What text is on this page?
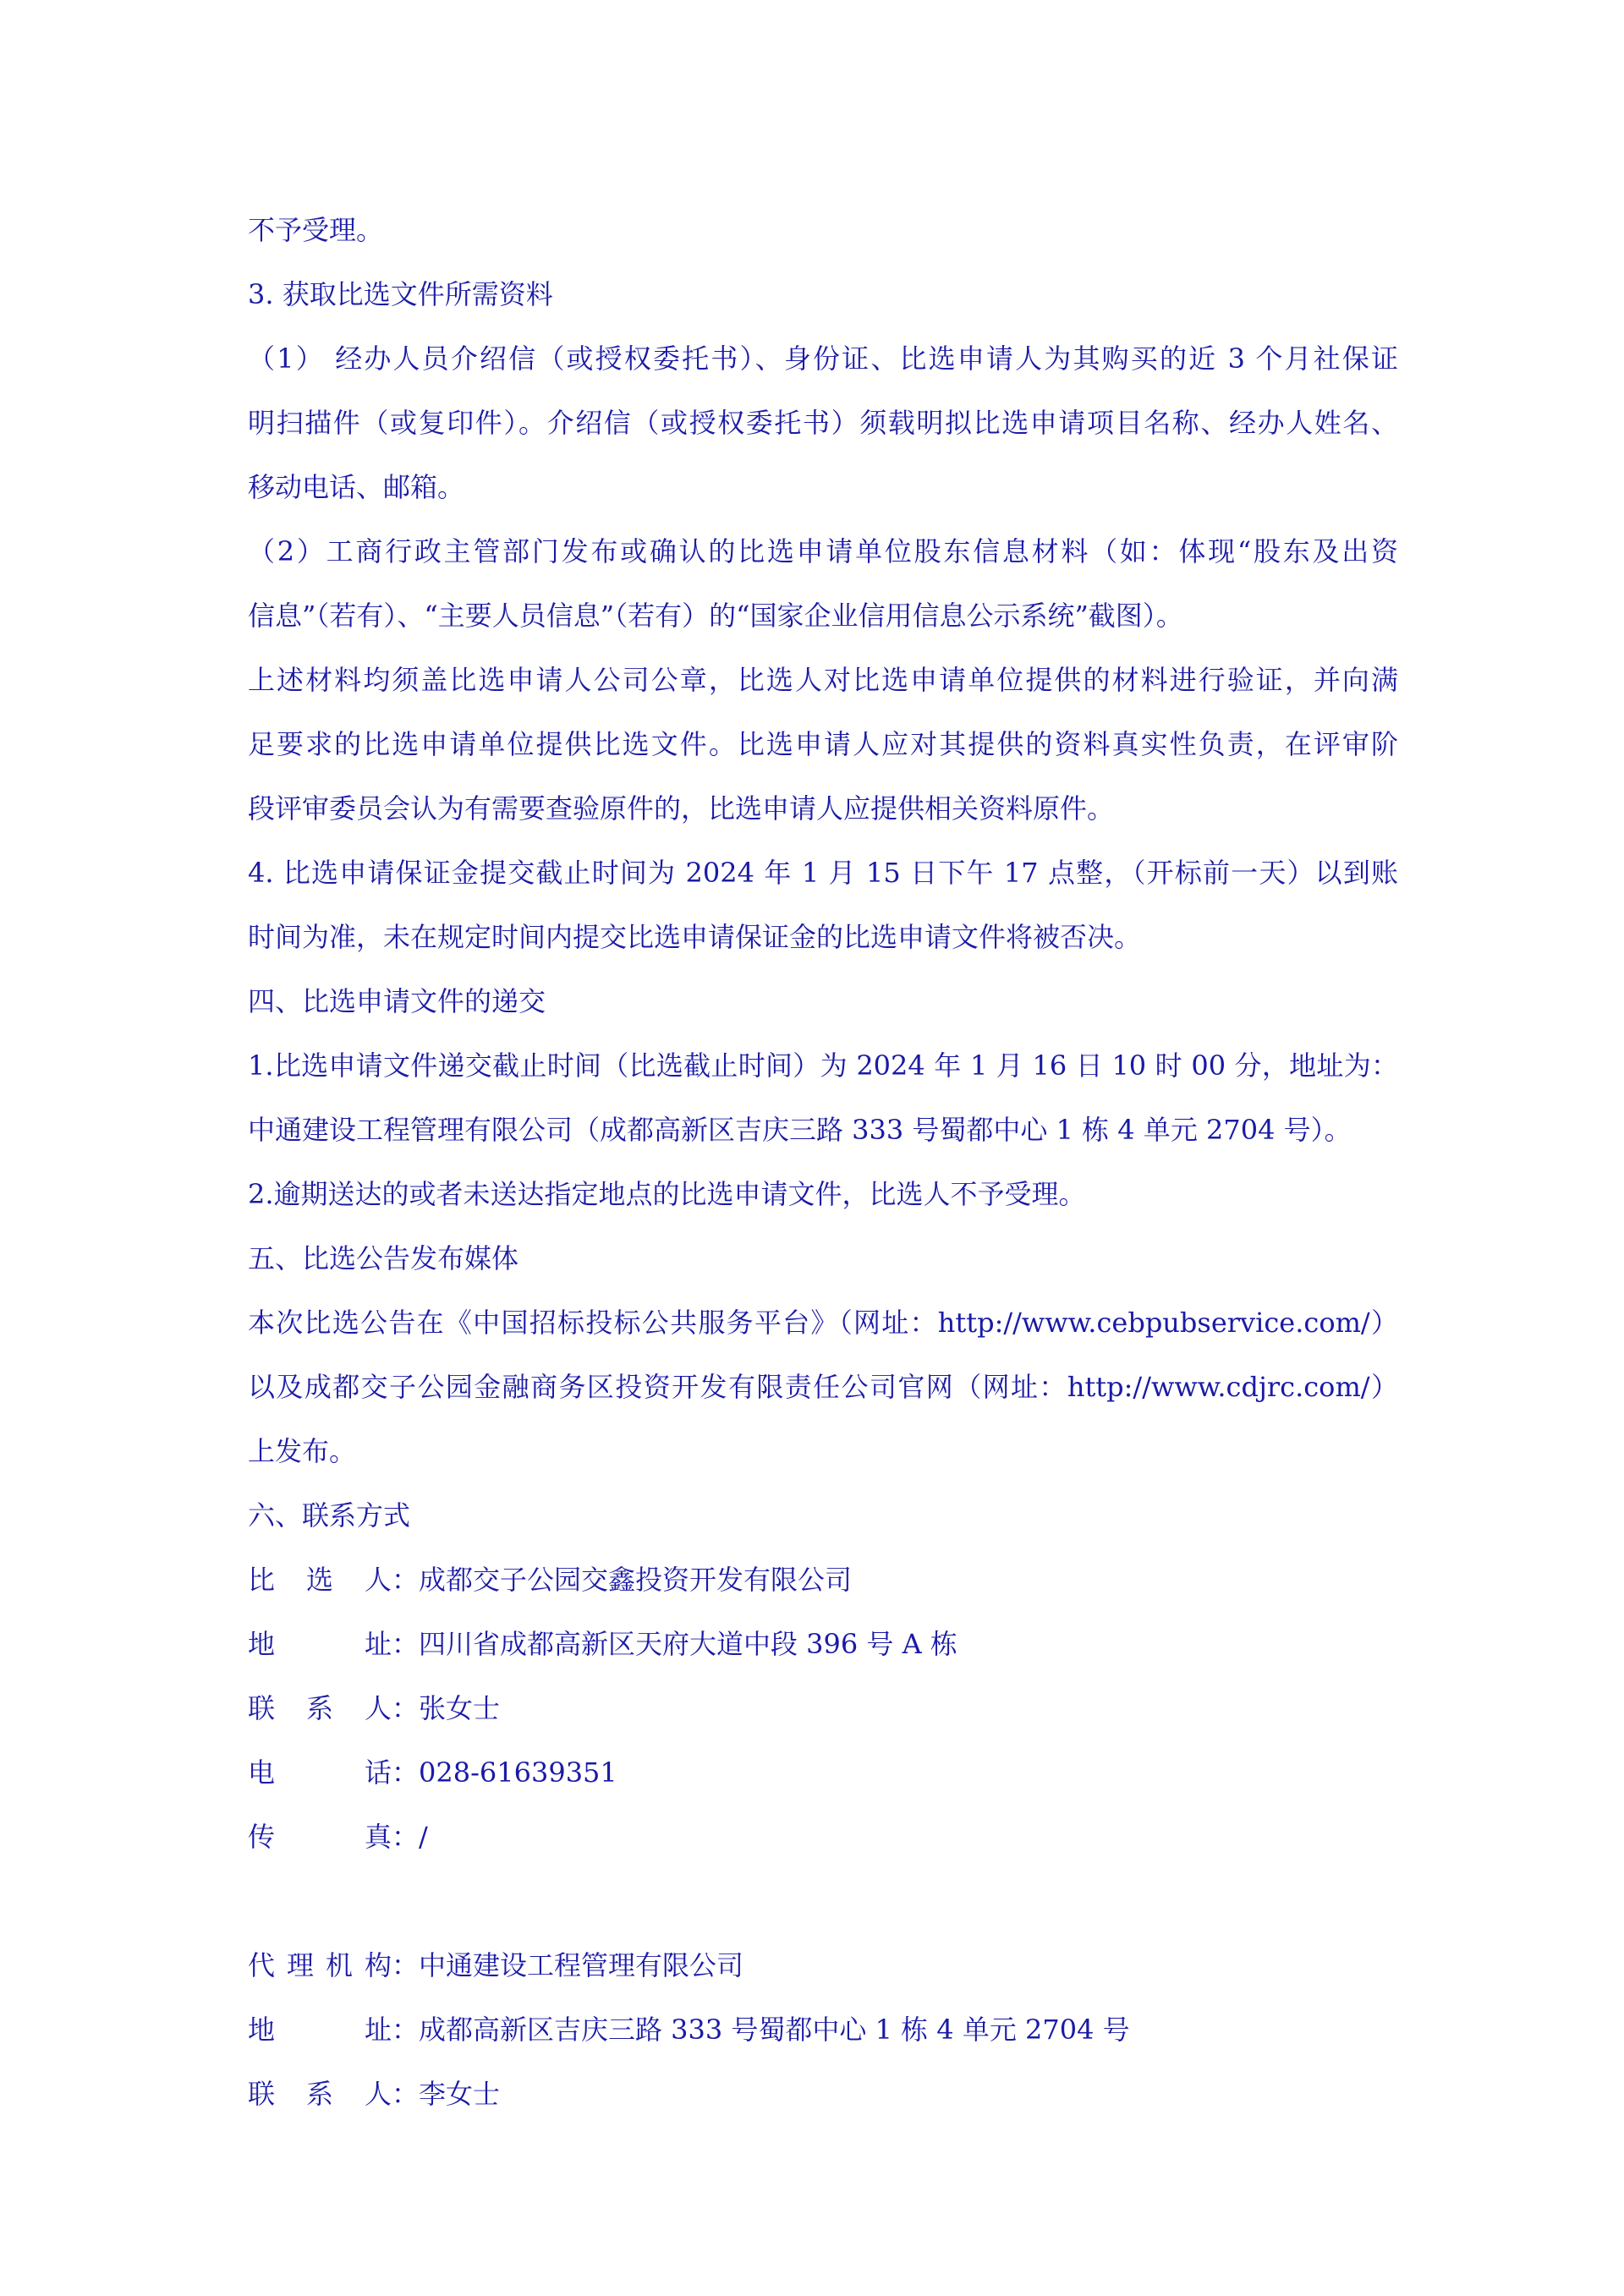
不予受理。
3. 获取比选文件所需资料
（1） 经办人员介绍信（或授权委托书）、身份证、比选申请人为其购买的近 3 个月社保证
明扫描件（或复印件）。介绍信（或授权委托书）须载明拟比选申请项目名称、经办人姓名、
移动电话、邮箱。
（2）工商行政主管部门发布或确认的比选申请单位股东信息材料（如：体现“股东及出资
信息”（若有）、“主要人员信息”（若有）的“国家企业信用信息公示系统”截图）。
上述材料均须盖比选申请人公司公章，比选人对比选申请单位提供的材料进行验证，并向满
足要求的比选申请单位提供比选文件。比选申请人应对其提供的资料真实性负责，在评审阶
段评审委员会认为有需要查验原件的，比选申请人应提供相关资料原件。
4. 比选申请保证金提交截止时间为 2024 年 1 月 15 日下午 17 点整，（开标前一天）以到账
时间为准，未在规定时间内提交比选申请保证金的比选申请文件将被否决。
四、比选申请文件的递交
1.比选申请文件递交截止时间（比选截止时间）为 2024 年 1 月 16 日 10 时 00 分，地址为：
中通建设工程管理有限公司（成都高新区吉庆三路 333 号蜀都中心 1 栋 4 单元 2704 号）。
2.逾期送达的或者未送达指定地点的比选申请文件，比选人不予受理。
五、比选公告发布媒体
本次比选公告在《中国招标投标公共服务平台》（网址：http://www.cebpubservice.com/）
以及成都交子公园金融商务区投资开发有限责任公司官网（网址：http://www.cdjrc.com/）
上发布。
六、联系方式
比选人：成都交子公园交鑫投资开发有限公司
地址：四川省成都高新区天府大道中段 396 号 A 栋
联系人：张女士
电话：028-61639351
传真：/
代理机构：中通建设工程管理有限公司
地址：成都高新区吉庆三路 333 号蜀都中心 1 栋 4 单元 2704 号
联系人：李女士
